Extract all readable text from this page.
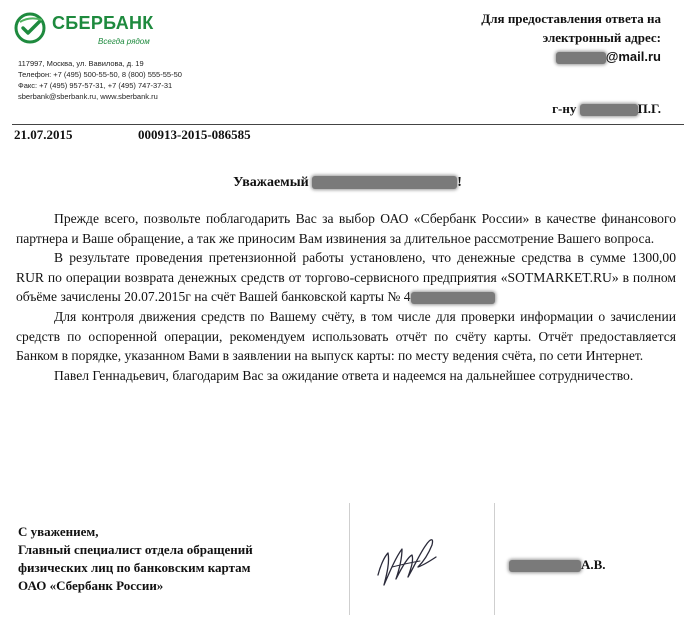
СБЕРБАНК
Всегда рядом
117997, Москва, ул. Вавилова, д. 19
Телефон: +7 (495) 500-55-50, 8 (800) 555-55-50
Факс: +7 (495) 957-57-31, +7 (495) 747-37-31
sberbank@sberbank.ru, www.sberbank.ru
Для предоставления ответа на
электронный адрес:
@mail.ru
г-ну	П.Г.
21.07.2015	000913-2015-086585
Уважаемый	!

Прежде всего, позвольте поблагодарить Вас за выбор ОАО «Сбербанк России» в качестве финансового партнера и Ваше обращение, а так же приносим Вам извинения за длительное рассмотрение Вашего вопроса.

В результате проведения претензионной работы установлено, что денежные средства в сумме 1300,00 RUR по операции возврата денежных средств от торгово-сервисного предприятия «SOTMARKET.RU» в полном объёме зачислены 20.07.2015г на счёт Вашей банковской карты № 4

Для контроля движения средств по Вашему счёту, в том числе для проверки информации о зачислении средств по оспоренной операции, рекомендуем использовать отчёт по счёту карты. Отчёт предоставляется Банком в порядке, указанном Вами в заявлении на выпуск карты: по месту ведения счёта, по сети Интернет.

Павел Геннадьевич, благодарим Вас за ожидание ответа и надеемся на дальнейшее сотрудничество.

С уважением,
Главный специалист отдела обращений
физических лиц по банковским картам
ОАО «Сбербанк России»
А.В.
